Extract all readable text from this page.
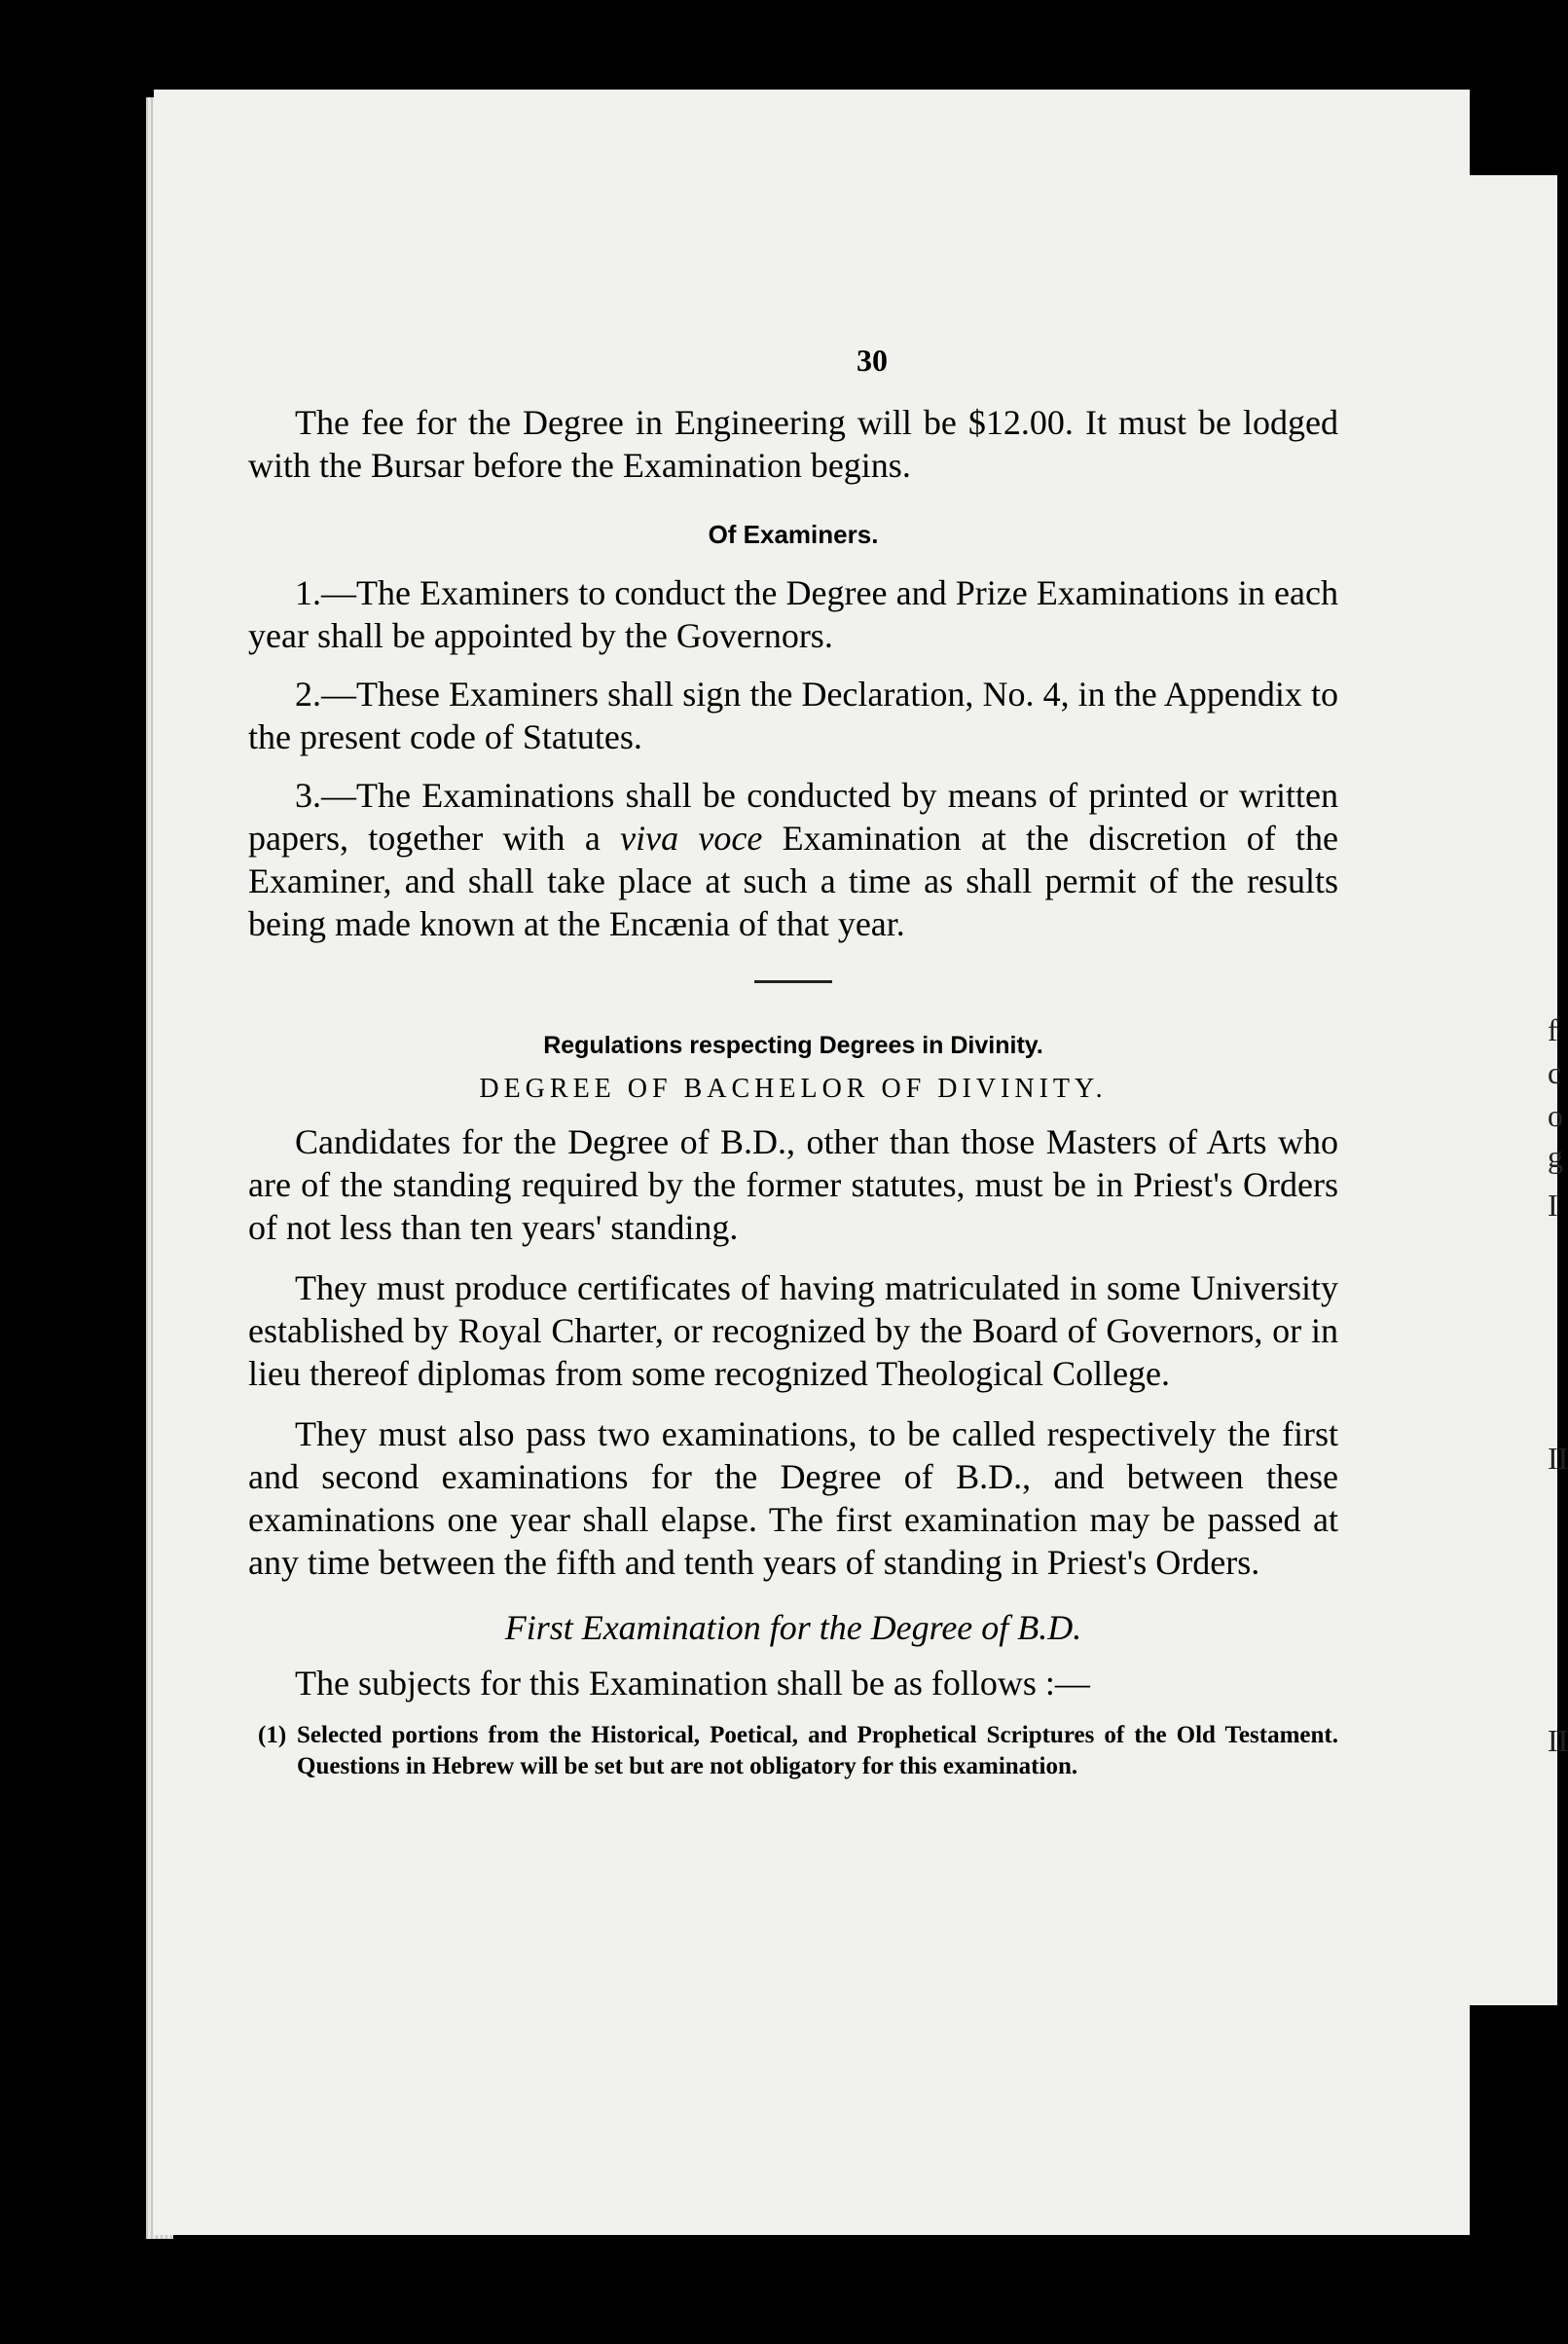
f
c
o
g
I
II
II
30

The fee for the Degree in Engineering will be $12.00. It must be lodged with the Bursar before the Examination begins.

Of Examiners.

1.—The Examiners to conduct the Degree and Prize Examinations in each year shall be appointed by the Governors.

2.—These Examiners shall sign the Declaration, No. 4, in the Appendix to the present code of Statutes.

3.—The Examinations shall be conducted by means of printed or written papers, together with a viva voce Examination at the discretion of the Examiner, and shall take place at such a time as shall permit of the results being made known at the Encænia of that year.

Regulations respecting Degrees in Divinity.
DEGREE OF BACHELOR OF DIVINITY.

Candidates for the Degree of B.D., other than those Masters of Arts who are of the standing required by the former statutes, must be in Priest's Orders of not less than ten years' standing.

They must produce certificates of having matriculated in some University established by Royal Charter, or recognized by the Board of Governors, or in lieu thereof diplomas from some recognized Theological College.

They must also pass two examinations, to be called respectively the first and second examinations for the Degree of B.D., and between these examinations one year shall elapse. The first examination may be passed at any time between the fifth and tenth years of standing in Priest's Orders.

First Examination for the Degree of B.D.

The subjects for this Examination shall be as follows :—

(1) Selected portions from the Historical, Poetical, and Prophetical Scriptures of the Old Testament. Questions in Hebrew will be set but are not obligatory for this examination.
